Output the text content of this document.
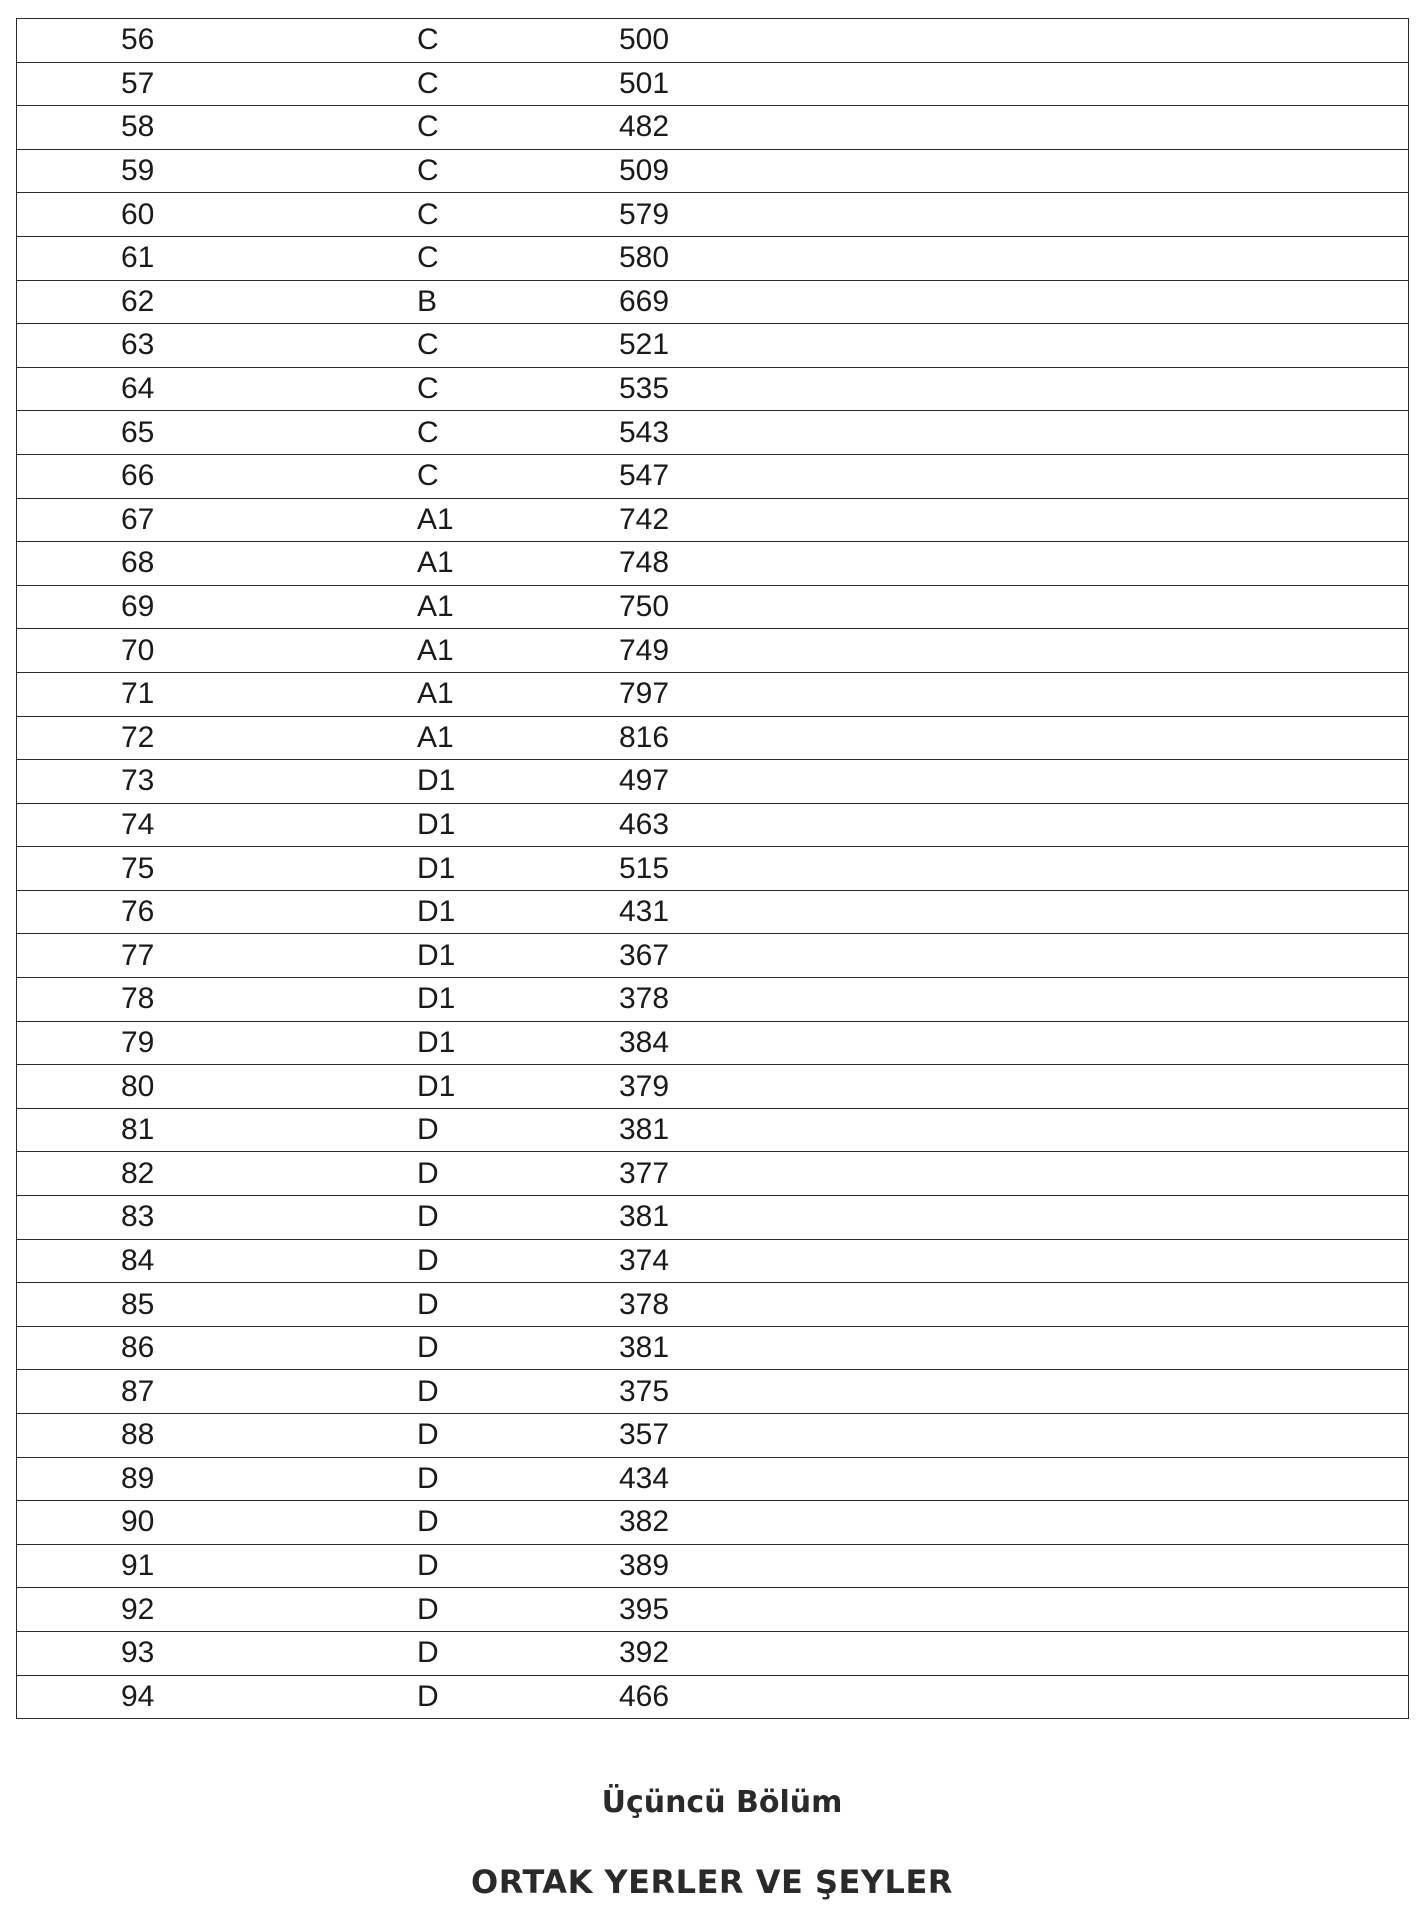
56	C	500
57	C	501
58	C	482
59	C	509
60	C	579
61	C	580
62	B	669
63	C	521
64	C	535
65	C	543
66	C	547
67	A1	742
68	A1	748
69	A1	750
70	A1	749
71	A1	797
72	A1	816
73	D1	497
74	D1	463
75	D1	515
76	D1	431
77	D1	367
78	D1	378
79	D1	384
80	D1	379
81	D	381
82	D	377
83	D	381
84	D	374
85	D	378
86	D	381
87	D	375
88	D	357
89	D	434
90	D	382
91	D	389
92	D	395
93	D	392
94	D	466
Üçüncü Bölüm
ORTAK YERLER VE ŞEYLER
